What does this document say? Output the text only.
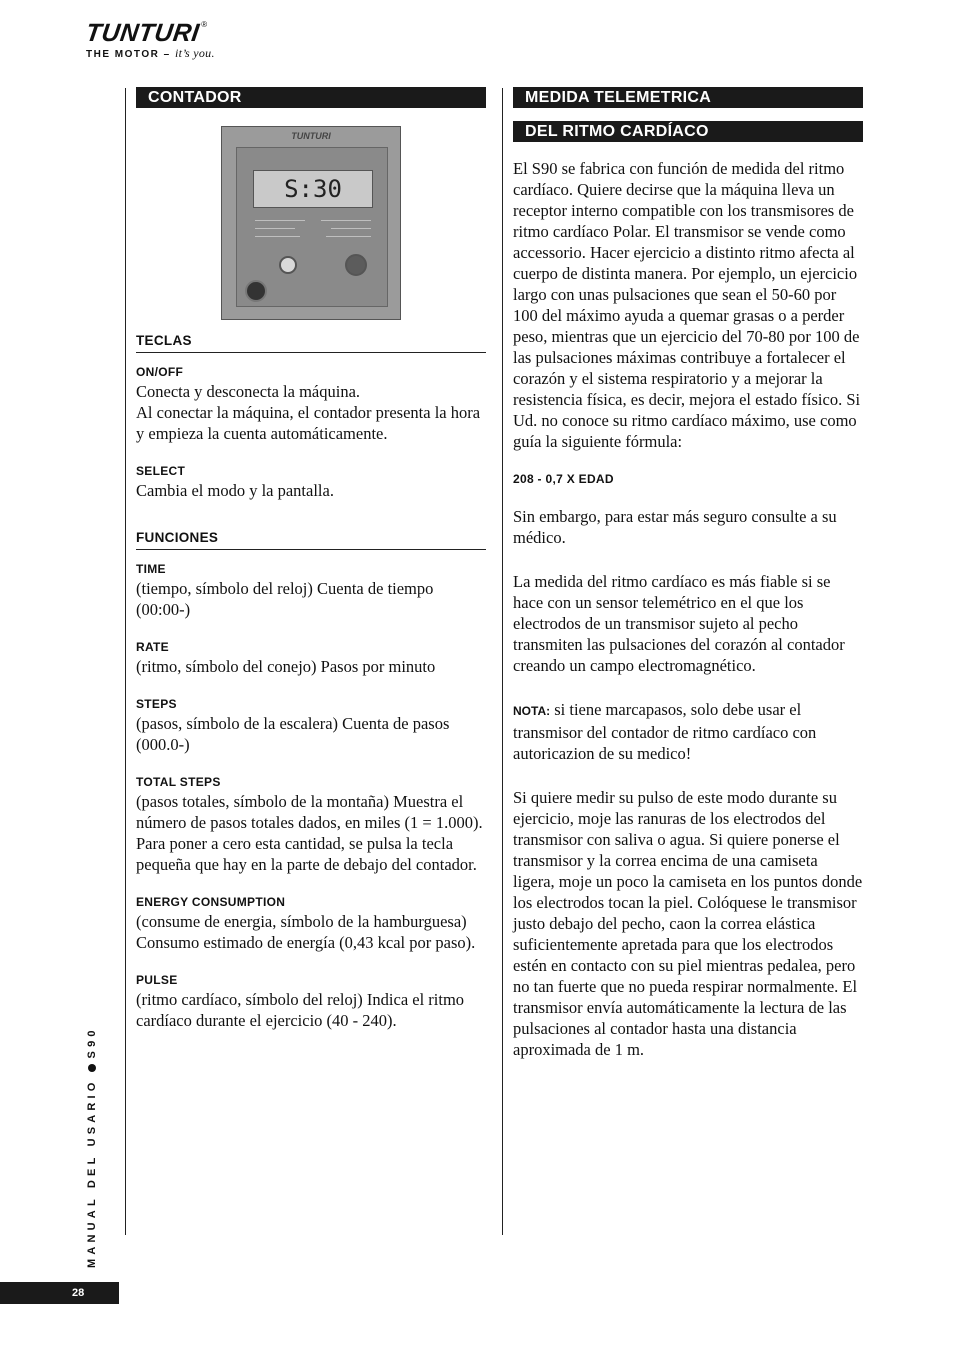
TUNTURI®
THE MOTOR – it’s you.
CONTADOR
TUNTURI
S:30
TECLAS
ON/OFF

Conecta y desconecta la máquina.

Al conectar la máquina, el contador presenta la hora y empieza la cuenta automáticamente.

SELECT

Cambia el modo y la pantalla.

FUNCIONES
TIME

(tiempo, símbolo del reloj) Cuenta de tiempo (00:00-)

RATE

(ritmo, símbolo del conejo) Pasos por minuto

STEPS

(pasos, símbolo de la escalera) Cuenta de pasos (000.0-)

TOTAL STEPS

(pasos totales, símbolo de la montaña) Muestra el número de pasos totales dados, en miles (1 = 1.000). Para poner a cero esta cantidad, se pulsa la tecla pequeña que hay en la parte de debajo del contador.

ENERGY CONSUMPTION

(consume de energia, símbolo de la hamburguesa) Consumo estimado de energía (0,43 kcal por paso).

PULSE

(ritmo cardíaco, símbolo del reloj) Indica el ritmo cardíaco durante el ejercicio (40 - 240).

MEDIDA TELEMETRICA
DEL RITMO CARDÍACO

El S90 se fabrica con función de medida del ritmo cardíaco. Quiere decirse que la máquina lleva un receptor interno compatible con los transmisores de ritmo cardíaco Polar. El transmisor se vende como accessorio. Hacer ejercicio a distinto ritmo afecta al cuerpo de distinta manera. Por ejemplo, un ejercicio largo con unas pulsaciones que sean el 50-60 por 100 del máximo ayuda a quemar grasas o a perder peso, mientras que un ejercicio del 70-80 por 100 de las pulsaciones máximas contribuye a fortalecer el corazón y el sistema respiratorio y a mejorar la resistencia física, es decir, mejora el estado físico. Si Ud. no conoce su ritmo cardíaco máximo, use como guía la siguiente fórmula:

208 - 0,7 X EDAD

Sin embargo, para estar más seguro consulte a su médico.

La medida del ritmo cardíaco es más fiable si se hace con un sensor telemétrico en el que los electrodos de un transmisor sujeto al pecho transmiten las pulsaciones del corazón al contador creando un campo electromagnético.

NOTA: si tiene marcapasos, solo debe usar el transmisor del contador de ritmo cardíaco con autoricazion de su medico!

Si quiere medir su pulso de este modo durante su ejercicio, moje las ranuras de los electrodos del transmisor con saliva o agua. Si quiere ponerse el transmisor y la correa encima de una camiseta ligera, moje un poco la camiseta en los puntos donde los electrodos tocan la piel. Colóquese le transmisor justo debajo del pecho, caon la correa elástica suficientemente apretada para que los electrodos estén en contacto con su piel mientras pedalea, pero no tan fuerte que no pueda respirar normalmente. El transmisor envía automáticamente la lectura de las pulsaciones al contador hasta una distancia aproximada de 1 m.

MANUAL DEL USARIOS90
28
